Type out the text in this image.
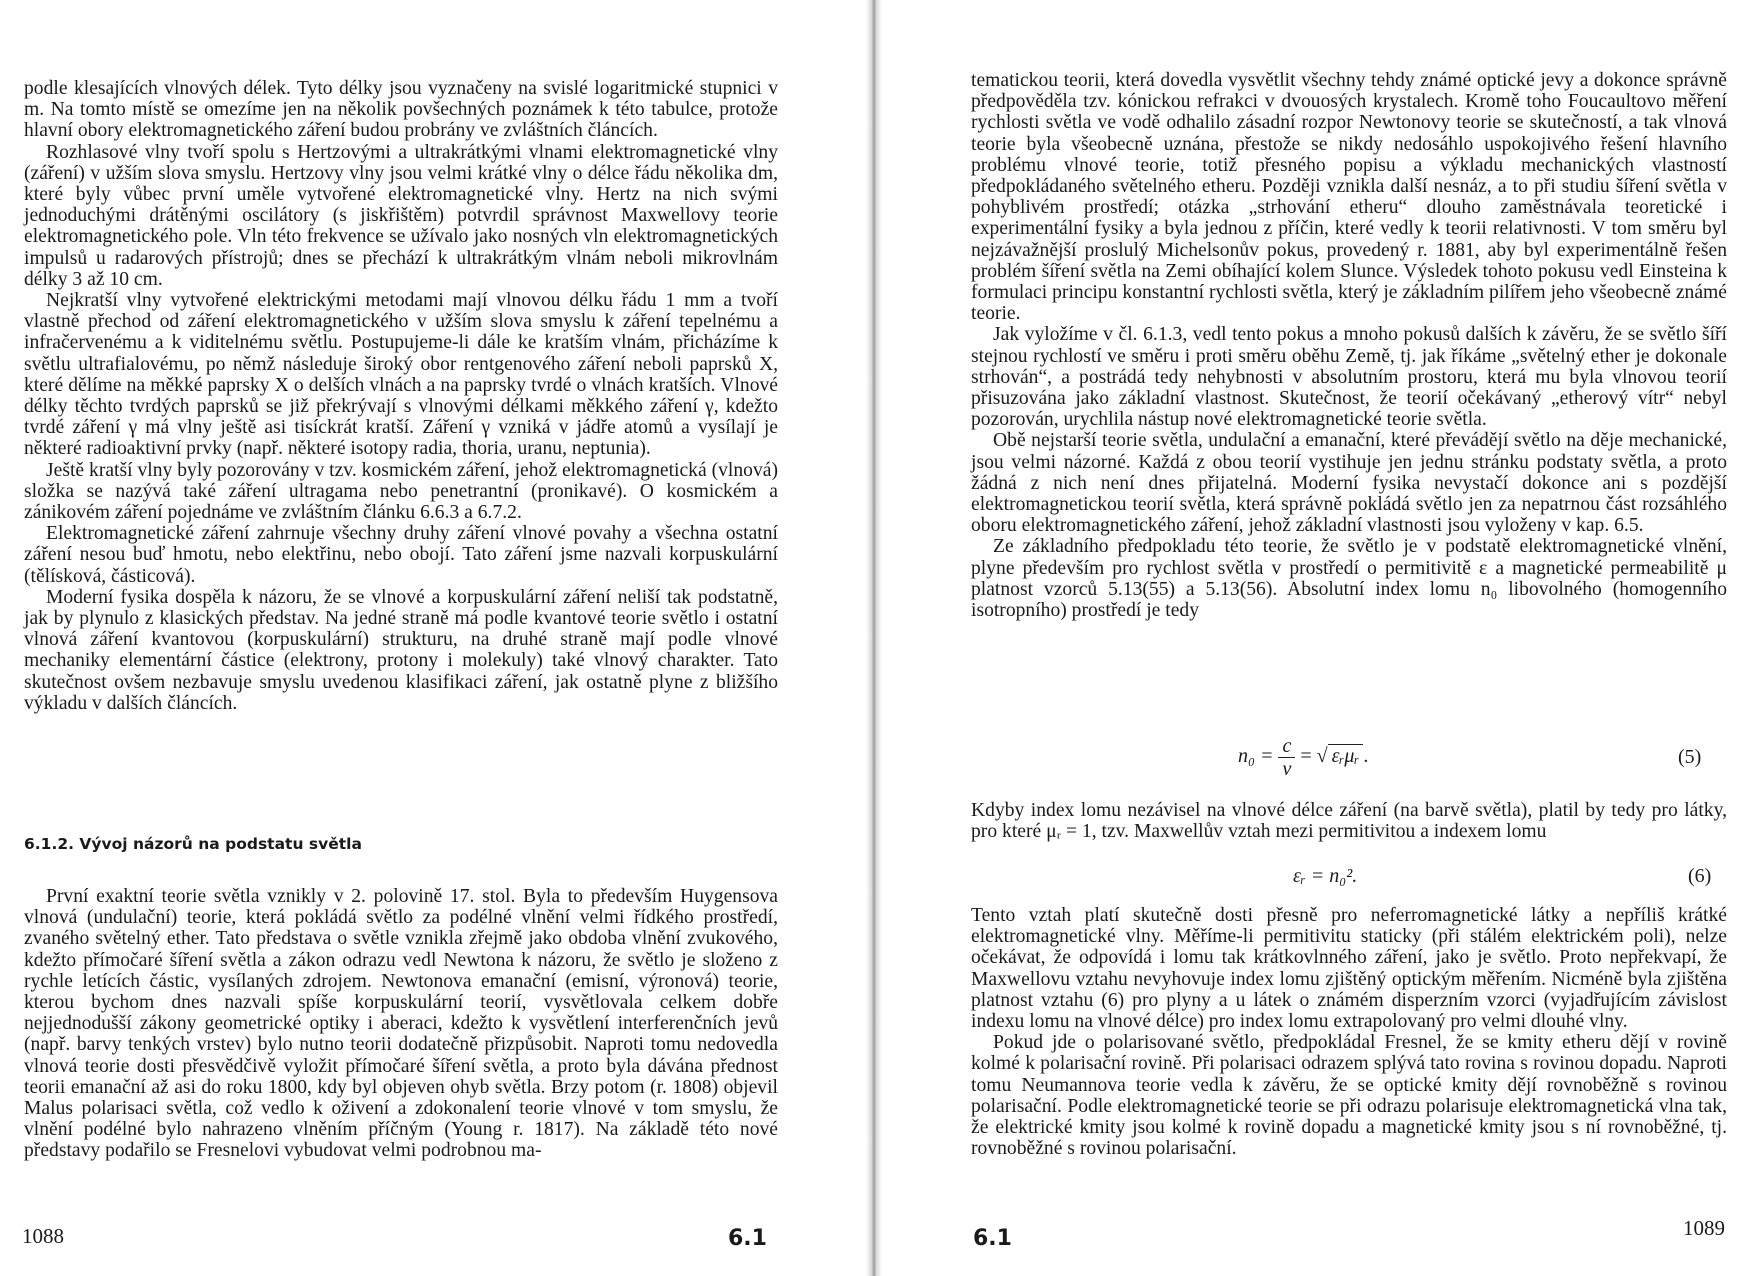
podle klesajících vlnových délek. Tyto délky jsou vyznačeny na svislé logaritmické stupnici v m. Na tomto místě se omezíme jen na několik povšechných poznámek k této tabulce, protože hlavní obory elektromagnetického záření budou probrány ve zvláštních článcích.

Rozhlasové vlny tvoří spolu s Hertzovými a ultrakrátkými vlnami elektromagnetické vlny (záření) v užším slova smyslu. Hertzovy vlny jsou velmi krátké vlny o délce řádu několika dm, které byly vůbec první uměle vytvořené elektromagnetické vlny. Hertz na nich svými jednoduchými drátěnými oscilátory (s jiskřištěm) potvrdil správnost Maxwellovy teorie elektromagnetického pole. Vln této frekvence se užívalo jako nosných vln elektromagnetických impulsů u radarových přístrojů; dnes se přechází k ultrakrátkým vlnám neboli mikrovlnám délky 3 až 10 cm.

Nejkratší vlny vytvořené elektrickými metodami mají vlnovou délku řádu 1 mm a tvoří vlastně přechod od záření elektromagnetického v užším slova smyslu k záření tepelnému a infračervenému a k viditelnému světlu. Postupujeme-li dále ke kratším vlnám, přicházíme k světlu ultrafialovému, po němž následuje široký obor rentgenového záření neboli paprsků X, které dělíme na měkké paprsky X o delších vlnách a na paprsky tvrdé o vlnách kratších. Vlnové délky těchto tvrdých paprsků se již překrývají s vlnovými délkami měkkého záření γ, kdežto tvrdé záření γ má vlny ještě asi tisíckrát kratší. Záření γ vzniká v jádře atomů a vysílají je některé radioaktivní prvky (např. některé isotopy radia, thoria, uranu, neptunia).

Ještě kratší vlny byly pozorovány v tzv. kosmickém záření, jehož elektromagnetická (vlnová) složka se nazývá také záření ultragama nebo penetrantní (pronikavé). O kosmickém a zánikovém záření pojednáme ve zvláštním článku 6.6.3 a 6.7.2.

Elektromagnetické záření zahrnuje všechny druhy záření vlnové povahy a všechna ostatní záření nesou buď hmotu, nebo elektřinu, nebo obojí. Tato záření jsme nazvali korpuskulární (tělísková, částicová).

Moderní fysika dospěla k názoru, že se vlnové a korpuskulární záření neliší tak podstatně, jak by plynulo z klasických představ. Na jedné straně má podle kvantové teorie světlo i ostatní vlnová záření kvantovou (korpuskulární) strukturu, na druhé straně mají podle vlnové mechaniky elementární částice (elektrony, protony i molekuly) také vlnový charakter. Tato skutečnost ovšem nezbavuje smyslu uvedenou klasifikaci záření, jak ostatně plyne z bližšího výkladu v dalších článcích.

6.1.2. Vývoj názorů na podstatu světla

První exaktní teorie světla vznikly v 2. polovině 17. stol. Byla to především Huygensova vlnová (undulační) teorie, která pokládá světlo za podélné vlnění velmi řídkého prostředí, zvaného světelný ether. Tato představa o světle vznikla zřejmě jako obdoba vlnění zvukového, kdežto přímočaré šíření světla a zákon odrazu vedl Newtona k názoru, že světlo je složeno z rychle letících částic, vysílaných zdrojem. Newtonova emanační (emisní, výronová) teorie, kterou bychom dnes nazvali spíše korpuskulární teorií, vysvětlovala celkem dobře nejjednodušší zákony geometrické optiky i aberaci, kdežto k vysvětlení interferenčních jevů (např. barvy tenkých vrstev) bylo nutno teorii dodatečně přizpůsobit. Naproti tomu nedovedla vlnová teorie dosti přesvědčivě vyložit přímočaré šíření světla, a proto byla dávána přednost teorii emanační až asi do roku 1800, kdy byl objeven ohyb světla. Brzy potom (r. 1808) objevil Malus polarisaci světla, což vedlo k oživení a zdokonalení teorie vlnové v tom smyslu, že vlnění podélné bylo nahrazeno vlněním příčným (Young r. 1817). Na základě této nové představy podařilo se Fresnelovi vybudovat velmi podrobnou ma-

1088	6.1

tematickou teorii, která dovedla vysvětlit všechny tehdy známé optické jevy a dokonce správně předpověděla tzv. kónickou refrakci v dvouosých krystalech. Kromě toho Foucaultovo měření rychlosti světla ve vodě odhalilo zásadní rozpor Newtonovy teorie se skutečností, a tak vlnová teorie byla všeobecně uznána, přestože se nikdy nedosáhlo uspokojivého řešení hlavního problému vlnové teorie, totiž přesného popisu a výkladu mechanických vlastností předpokládaného světelného etheru. Později vznikla další nesnáz, a to při studiu šíření světla v pohyblivém prostředí; otázka „strhování etheru“ dlouho zaměstnávala teoretické i experimentální fysiky a byla jednou z příčin, které vedly k teorii relativnosti. V tom směru byl nejzávažnější proslulý Michelsonův pokus, provedený r. 1881, aby byl experimentálně řešen problém šíření světla na Zemi obíhající kolem Slunce. Výsledek tohoto pokusu vedl Einsteina k formulaci principu konstantní rychlosti světla, který je základním pilířem jeho všeobecně známé teorie.

Jak vyložíme v čl. 6.1.3, vedl tento pokus a mnoho pokusů dalších k závěru, že se světlo šíří stejnou rychlostí ve směru i proti směru oběhu Země, tj. jak říkáme „světelný ether je dokonale strhován“, a postrádá tedy nehybnosti v absolutním prostoru, která mu byla vlnovou teorií přisuzována jako základní vlastnost. Skutečnost, že teorií očekávaný „etherový vítr“ nebyl pozorován, urychlila nástup nové elektromagnetické teorie světla.

Obě nejstarší teorie světla, undulační a emanační, které převádějí světlo na děje mechanické, jsou velmi názorné. Každá z obou teorií vystihuje jen jednu stránku podstaty světla, a proto žádná z nich není dnes přijatelná. Moderní fysika nevystačí dokonce ani s pozdější elektromagnetickou teorií světla, která správně pokládá světlo jen za nepatrnou část rozsáhlého oboru elektromagnetického záření, jehož základní vlastnosti jsou vyloženy v kap. 6.5.

Ze základního předpokladu této teorie, že světlo je v podstatě elektromagnetické vlnění, plyne především pro rychlost světla v prostředí o permitivitě ε a magnetické permeabilitě μ platnost vzorců 5.13(55) a 5.13(56). Absolutní index lomu n₀ libovolného (homogenního isotropního) prostředí je tedy

$n_0 = \frac{c}{v}$ = √ εᵣμᵣ .	(5)

Kdyby index lomu nezávisel na vlnové délce záření (na barvě světla), platil by tedy pro látky, pro které μᵣ = 1, tzv. Maxwellův vztah mezi permitivitou a indexem lomu

εᵣ = n₀².	(6)

Tento vztah platí skutečně dosti přesně pro neferromagnetické látky a nepříliš krátké elektromagnetické vlny. Měříme-li permitivitu staticky (při stálém elektrickém poli), nelze očekávat, že odpovídá i lomu tak krátkovlnného záření, jako je světlo. Proto nepřekvapí, že Maxwellovu vztahu nevyhovuje index lomu zjištěný optickým měřením. Nicméně byla zjištěna platnost vztahu (6) pro plyny a u látek o známém disperzním vzorci (vyjadřujícím závislost indexu lomu na vlnové délce) pro index lomu extrapolovaný pro velmi dlouhé vlny.

Pokud jde o polarisované světlo, předpokládal Fresnel, že se kmity etheru dějí v rovině kolmé k polarisační rovině. Při polarisaci odrazem splývá tato rovina s rovinou dopadu. Naproti tomu Neumannova teorie vedla k závěru, že se optické kmity dějí rovnoběžně s rovinou polarisační. Podle elektromagnetické teorie se při odrazu polarisuje elektromagnetická vlna tak, že elektrické kmity jsou kolmé k rovině dopadu a magnetické kmity jsou s ní rovnoběžné, tj. rovnoběžné s rovinou polarisační.

6.1	1089
